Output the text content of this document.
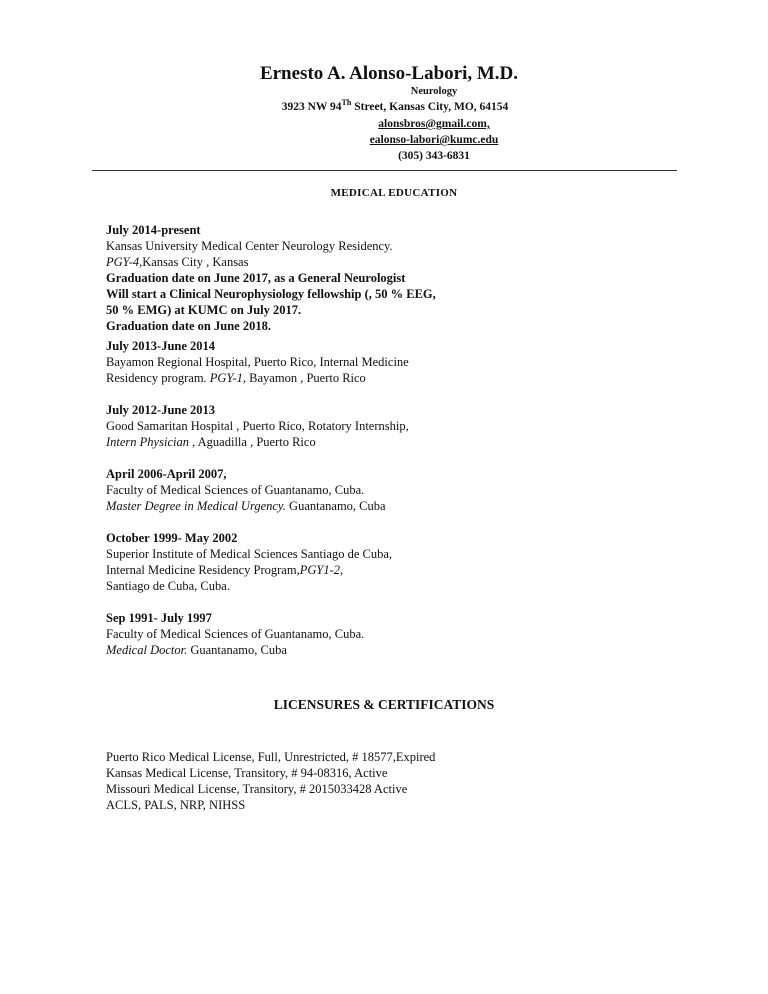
Ernesto A. Alonso-Labori, M.D.
Neurology
3923 NW 94Th Street, Kansas City, MO, 64154
alonsbros@gmail.com,
ealonso-labori@kumc.edu
(305) 343-6831
MEDICAL EDUCATION
July 2014-present
Kansas University Medical Center Neurology Residency.
PGY-4,Kansas City , Kansas
Graduation date on June 2017, as a General Neurologist
Will start a Clinical Neurophysiology fellowship (, 50 % EEG,
50 % EMG) at KUMC on July 2017.
Graduation date on June 2018.
July 2013-June 2014
Bayamon Regional Hospital, Puerto Rico, Internal Medicine
Residency program. PGY-1, Bayamon , Puerto Rico
July 2012-June 2013
Good Samaritan Hospital , Puerto Rico, Rotatory Internship,
Intern Physician , Aguadilla , Puerto Rico
April 2006-April 2007,
Faculty of Medical Sciences of Guantanamo, Cuba.
Master Degree in Medical Urgency. Guantanamo, Cuba
October 1999- May 2002
Superior Institute of Medical Sciences Santiago de Cuba,
Internal Medicine Residency Program,PGY1-2,
Santiago de Cuba, Cuba.
Sep 1991- July 1997
Faculty of Medical Sciences of Guantanamo, Cuba.
Medical Doctor. Guantanamo, Cuba
LICENSURES & CERTIFICATIONS
Puerto Rico Medical License, Full, Unrestricted, # 18577,Expired
Kansas Medical License, Transitory, # 94-08316, Active
Missouri Medical License, Transitory, # 2015033428 Active
ACLS, PALS, NRP, NIHSS
